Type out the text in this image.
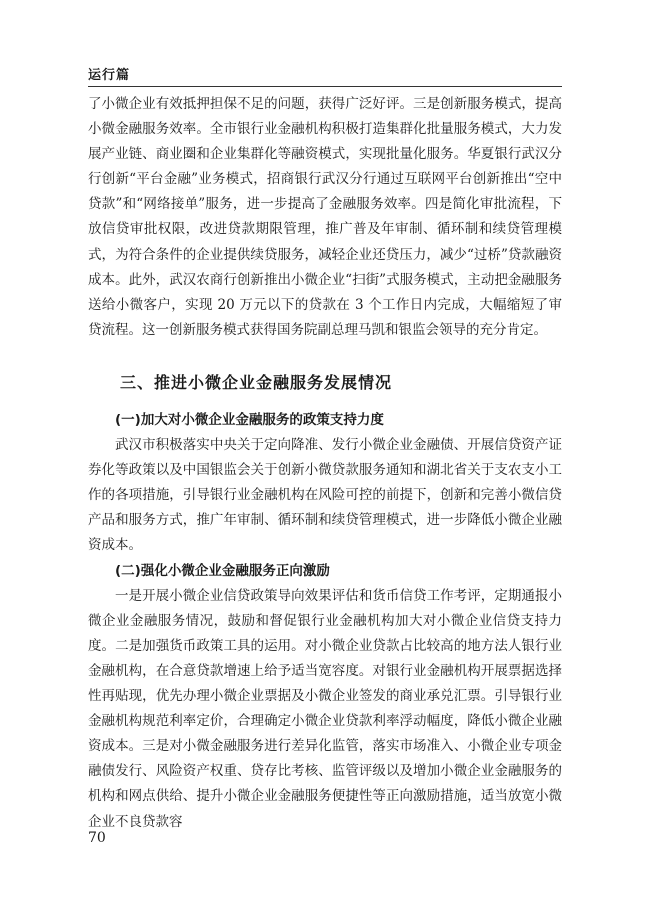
运行篇

了小微企业有效抵押担保不足的问题，获得广泛好评。三是创新服务模式，提高小微金融服务效率。全市银行业金融机构积极打造集群化批量服务模式，大力发展产业链、商业圈和企业集群化等融资模式，实现批量化服务。华夏银行武汉分行创新“平台金融”业务模式，招商银行武汉分行通过互联网平台创新推出“空中贷款”和“网络接单”服务，进一步提高了金融服务效率。四是简化审批流程，下放信贷审批权限，改进贷款期限管理，推广普及年审制、循环制和续贷管理模式，为符合条件的企业提供续贷服务，减轻企业还贷压力，减少“过桥”贷款融资成本。此外，武汉农商行创新推出小微企业“扫街”式服务模式，主动把金融服务送给小微客户，实现 20 万元以下的贷款在 3 个工作日内完成，大幅缩短了审贷流程。这一创新服务模式获得国务院副总理马凯和银监会领导的充分肯定。

三、推进小微企业金融服务发展情况
(一)加大对小微企业金融服务的政策支持力度

武汉市积极落实中央关于定向降准、发行小微企业金融债、开展信贷资产证券化等政策以及中国银监会关于创新小微贷款服务通知和湖北省关于支农支小工作的各项措施，引导银行业金融机构在风险可控的前提下，创新和完善小微信贷产品和服务方式，推广年审制、循环制和续贷管理模式，进一步降低小微企业融资成本。

(二)强化小微企业金融服务正向激励

一是开展小微企业信贷政策导向效果评估和货币信贷工作考评，定期通报小微企业金融服务情况，鼓励和督促银行业金融机构加大对小微企业信贷支持力度。二是加强货币政策工具的运用。对小微企业贷款占比较高的地方法人银行业金融机构，在合意贷款增速上给予适当宽容度。对银行业金融机构开展票据选择性再贴现，优先办理小微企业票据及小微企业签发的商业承兑汇票。引导银行业金融机构规范利率定价，合理确定小微企业贷款利率浮动幅度，降低小微企业融资成本。三是对小微金融服务进行差异化监管，落实市场准入、小微企业专项金融债发行、风险资产权重、贷存比考核、监管评级以及增加小微企业金融服务的机构和网点供给、提升小微企业金融服务便捷性等正向激励措施，适当放宽小微企业不良贷款容

70
